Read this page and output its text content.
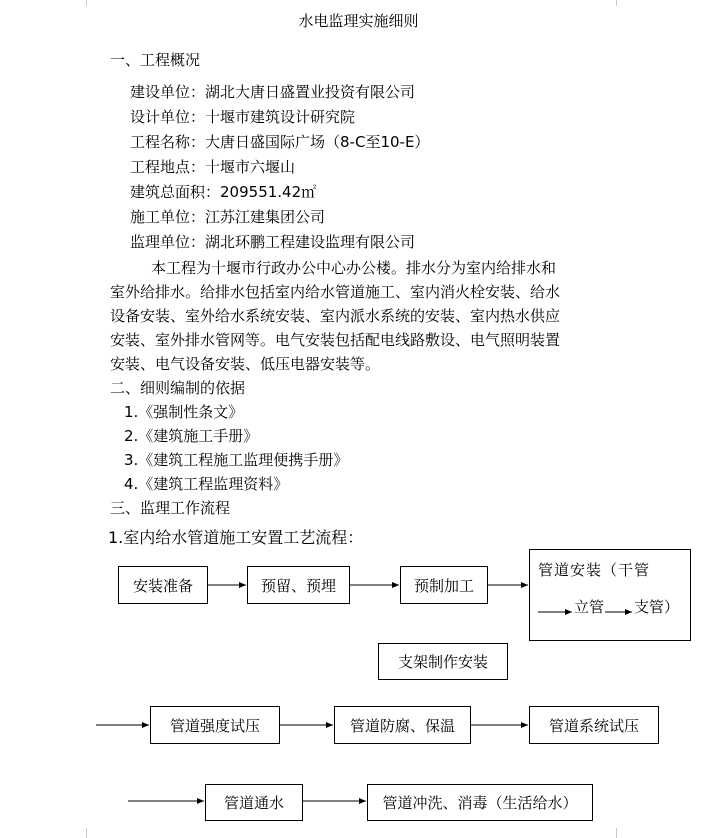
水电监理实施细则
一、工程概况
建设单位：湖北大唐日盛置业投资有限公司
设计单位：十堰市建筑设计研究院
工程名称：大唐日盛国际广场（8-C至10-E）
工程地点：十堰市六堰山
建筑总面积：209551.42㎡
施工单位：江苏江建集团公司
监理单位：湖北环鹏工程建设监理有限公司
本工程为十堰市行政办公中心办公楼。排水分为室内给排水和
室外给排水。给排水包括室内给水管道施工、室内消火栓安装、给水
设备安装、室外给水系统安装、室内派水系统的安装、室内热水供应
安装、室外排水管网等。电气安装包括配电线路敷设、电气照明装置
安装、电气设备安装、低压电器安装等。
二、细则编制的依据
1.《强制性条文》
2.《建筑施工手册》
3.《建筑工程施工监理便携手册》
4.《建筑工程监理资料》
三、监理工作流程
1.室内给水管道施工安置工艺流程：
安装准备	预留、预埋	预制加工
管道安装（干管
立管 支管）
支架制作安装
管道强度试压	管道防腐、保温	管道系统试压
管道通水	管道冲洗、消毒（生活给水）
